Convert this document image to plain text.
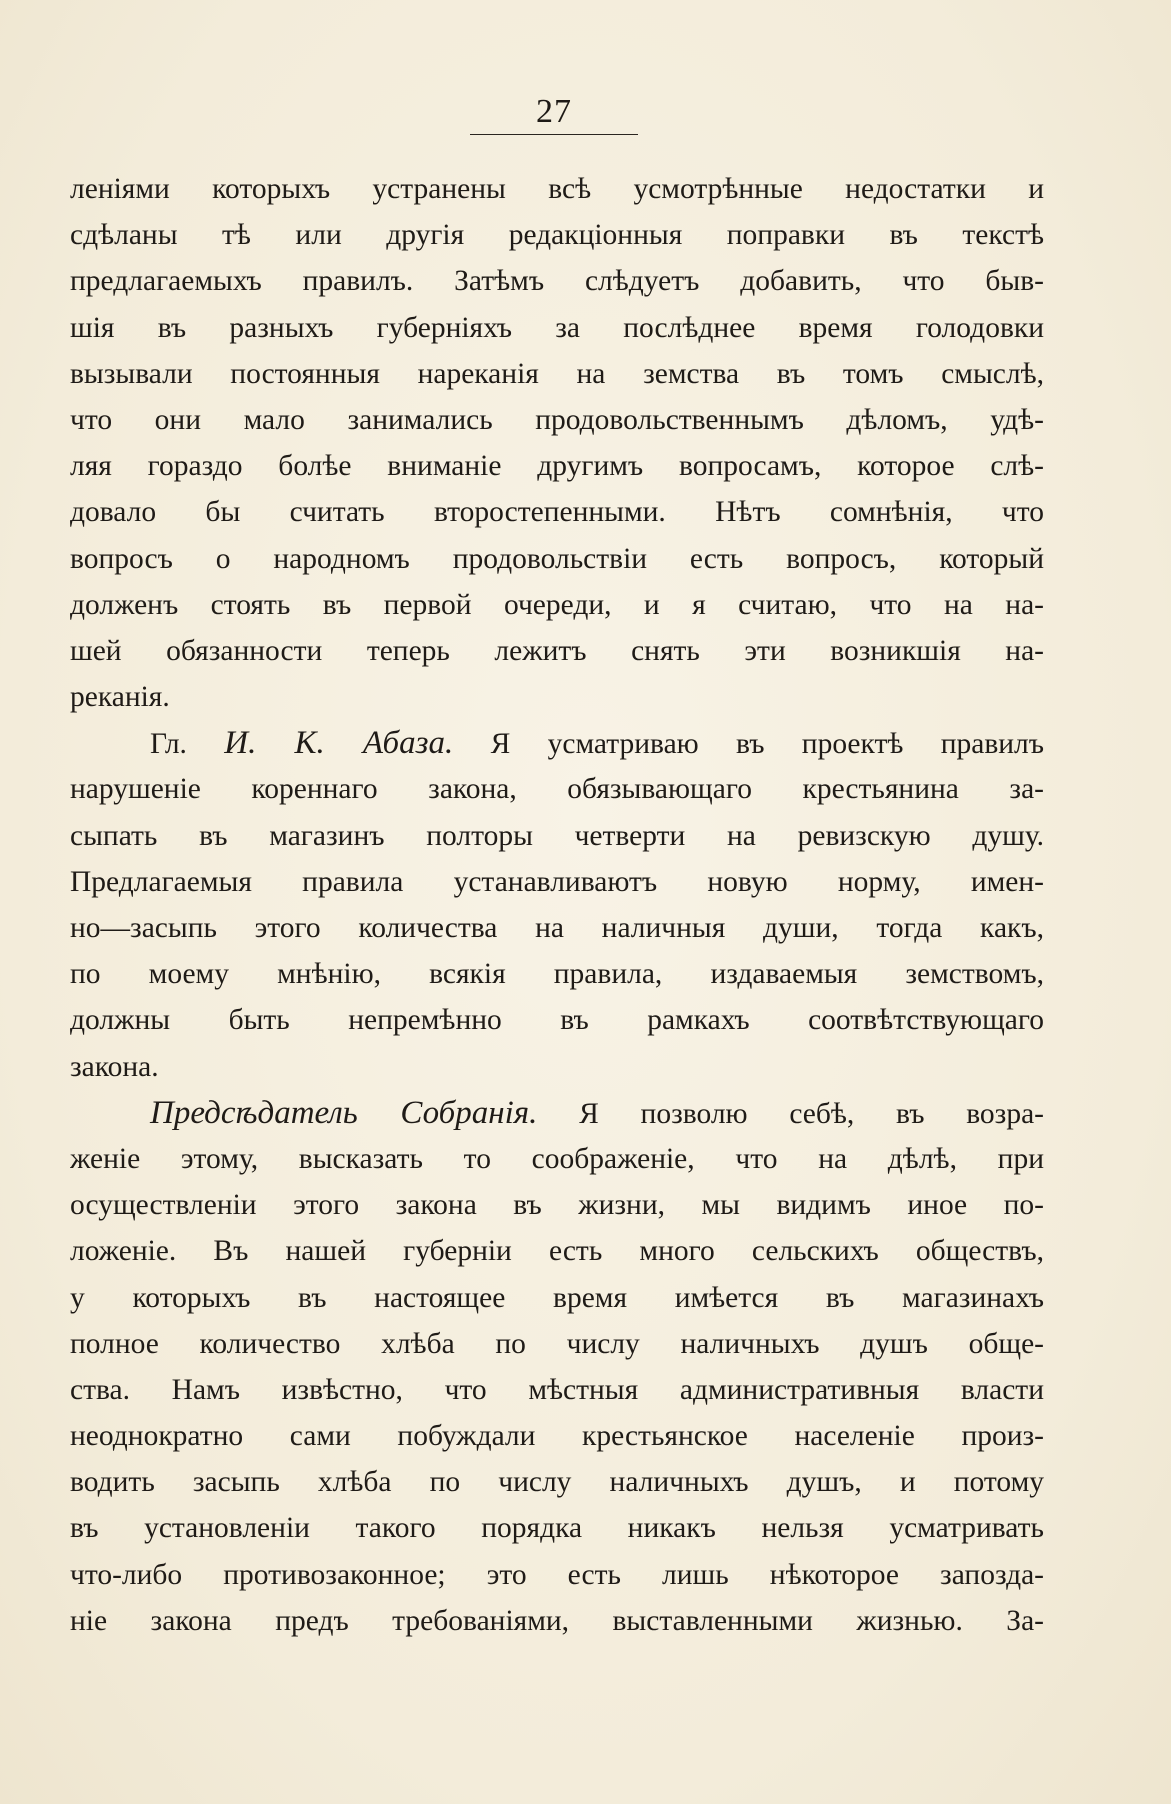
27
леніями которыхъ устранены всѣ усмотрѣнные недостатки и
сдѣланы тѣ или другія редакціонныя поправки въ текстѣ
предлагаемыхъ правилъ. Затѣмъ слѣдуетъ добавить, что быв-
шія въ разныхъ губерніяхъ за послѣднее время голодовки
вызывали постоянныя нареканія на земства въ томъ смыслѣ,
что они мало занимались продовольственнымъ дѣломъ, удѣ-
ляя гораздо болѣе вниманіе другимъ вопросамъ, которое слѣ-
довало бы считать второстепенными. Нѣтъ сомнѣнія, что
вопросъ о народномъ продовольствіи есть вопросъ, который
долженъ стоять въ первой очереди, и я считаю, что на на-
шей обязанности теперь лежитъ снять эти возникшія на-
реканія.
Гл. И. К. Абаза. Я усматриваю въ проектѣ правилъ
нарушеніе кореннаго закона, обязывающаго крестьянина за-
сыпать въ магазинъ полторы четверти на ревизскую душу.
Предлагаемыя правила устанавливаютъ новую норму, имен-
но—засыпь этого количества на наличныя души, тогда какъ,
по моему мнѣнію, всякія правила, издаваемыя земствомъ,
должны быть непремѣнно въ рамкахъ соотвѣтствующаго
закона.
Предсѣдатель Собранія. Я позволю себѣ, въ возра-
женіе этому, высказать то соображеніе, что на дѣлѣ, при
осуществленіи этого закона въ жизни, мы видимъ иное по-
ложеніе. Въ нашей губерніи есть много сельскихъ обществъ,
у которыхъ въ настоящее время имѣется въ магазинахъ
полное количество хлѣба по числу наличныхъ душъ обще-
ства. Намъ извѣстно, что мѣстныя административныя власти
неоднократно сами побуждали крестьянское населеніе произ-
водить засыпь хлѣба по числу наличныхъ душъ, и потому
въ установленіи такого порядка никакъ нельзя усматривать
что-либо противозаконное; это есть лишь нѣкоторое запозда-
ніе закона предъ требованіями, выставленными жизнью. За-
